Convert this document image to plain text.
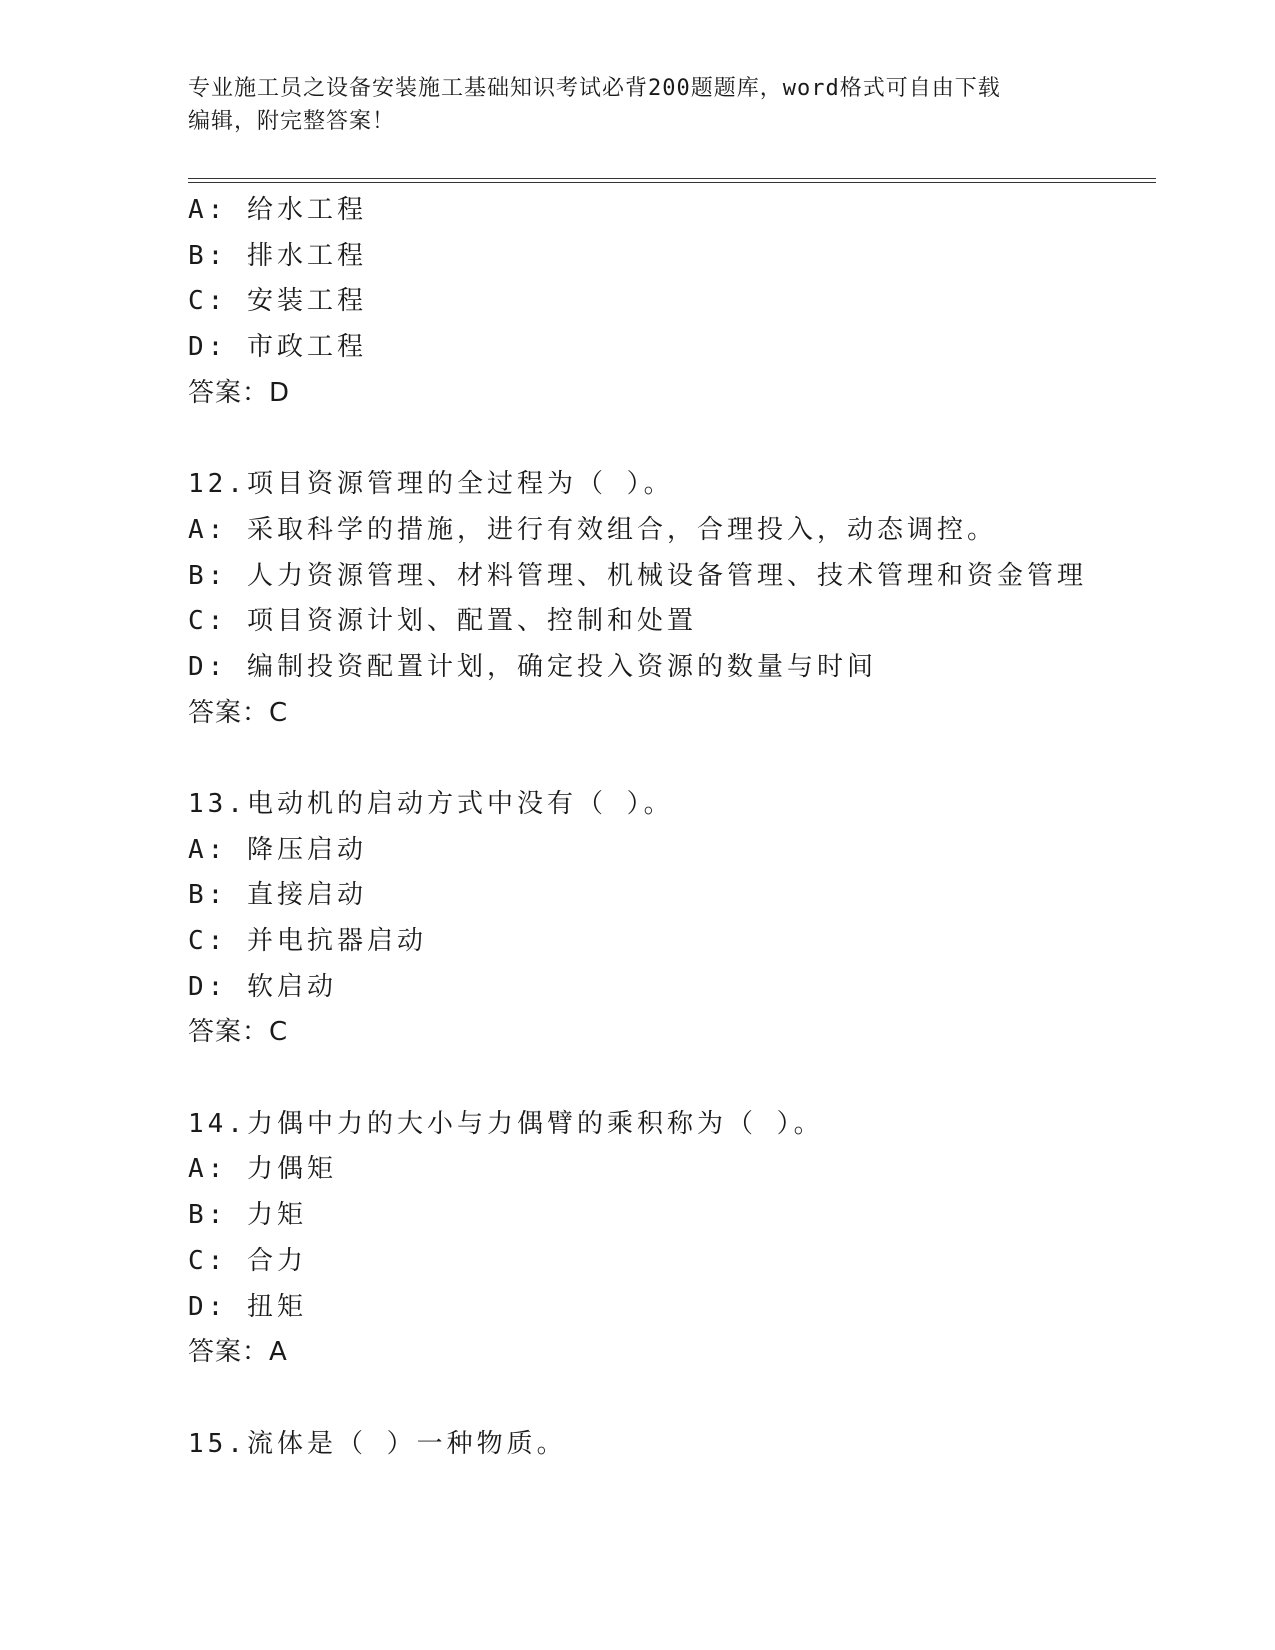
专业施工员之设备安装施工基础知识考试必背200题题库，word格式可自由下载
编辑，附完整答案！
A: 给水工程
B: 排水工程
C: 安装工程
D: 市政工程
答案：D
12.项目资源管理的全过程为（ ）。
A: 采取科学的措施，进行有效组合，合理投入，动态调控。
B: 人力资源管理、材料管理、机械设备管理、技术管理和资金管理
C: 项目资源计划、配置、控制和处置
D: 编制投资配置计划，确定投入资源的数量与时间
答案：C
13.电动机的启动方式中没有（ ）。
A: 降压启动
B: 直接启动
C: 并电抗器启动
D: 软启动
答案：C
14.力偶中力的大小与力偶臂的乘积称为（ ）。
A: 力偶矩
B: 力矩
C: 合力
D: 扭矩
答案：A
15.流体是（ ）一种物质。
